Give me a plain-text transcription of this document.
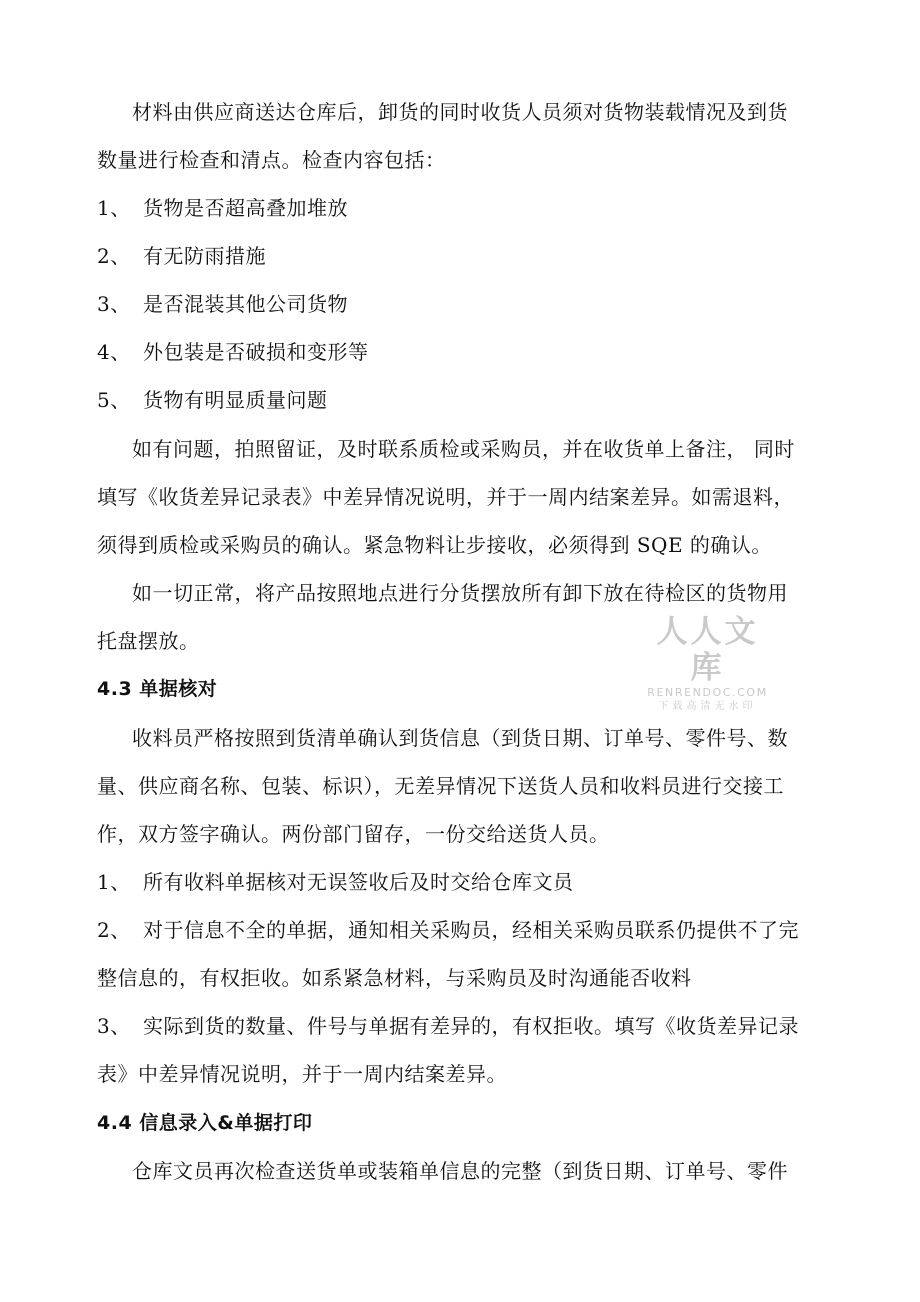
材料由供应商送达仓库后，卸货的同时收货人员须对货物装载情况及到货
数量进行检查和清点。检查内容包括：
1、 货物是否超高叠加堆放
2、 有无防雨措施
3、 是否混装其他公司货物
4、 外包装是否破损和变形等
5、 货物有明显质量问题
如有问题，拍照留证，及时联系质检或采购员，并在收货单上备注， 同时
填写《收货差异记录表》中差异情况说明，并于一周内结案差异。如需退料，
须得到质检或采购员的确认。紧急物料让步接收，必须得到 SQE 的确认。
如一切正常，将产品按照地点进行分货摆放所有卸下放在待检区的货物用
托盘摆放。
4.3 单据核对
收料员严格按照到货清单确认到货信息（到货日期、订单号、零件号、数
量、供应商名称、包装、标识），无差异情况下送货人员和收料员进行交接工
作，双方签字确认。两份部门留存，一份交给送货人员。
1、 所有收料单据核对无误签收后及时交给仓库文员
2、 对于信息不全的单据，通知相关采购员，经相关采购员联系仍提供不了完
整信息的，有权拒收。如系紧急材料，与采购员及时沟通能否收料
3、 实际到货的数量、件号与单据有差异的，有权拒收。填写《收货差异记录
表》中差异情况说明，并于一周内结案差异。
4.4 信息录入&单据打印
仓库文员再次检查送货单或装箱单信息的完整（到货日期、订单号、零件
人人文库
RENRENDOC.COM
下载高清无水印
